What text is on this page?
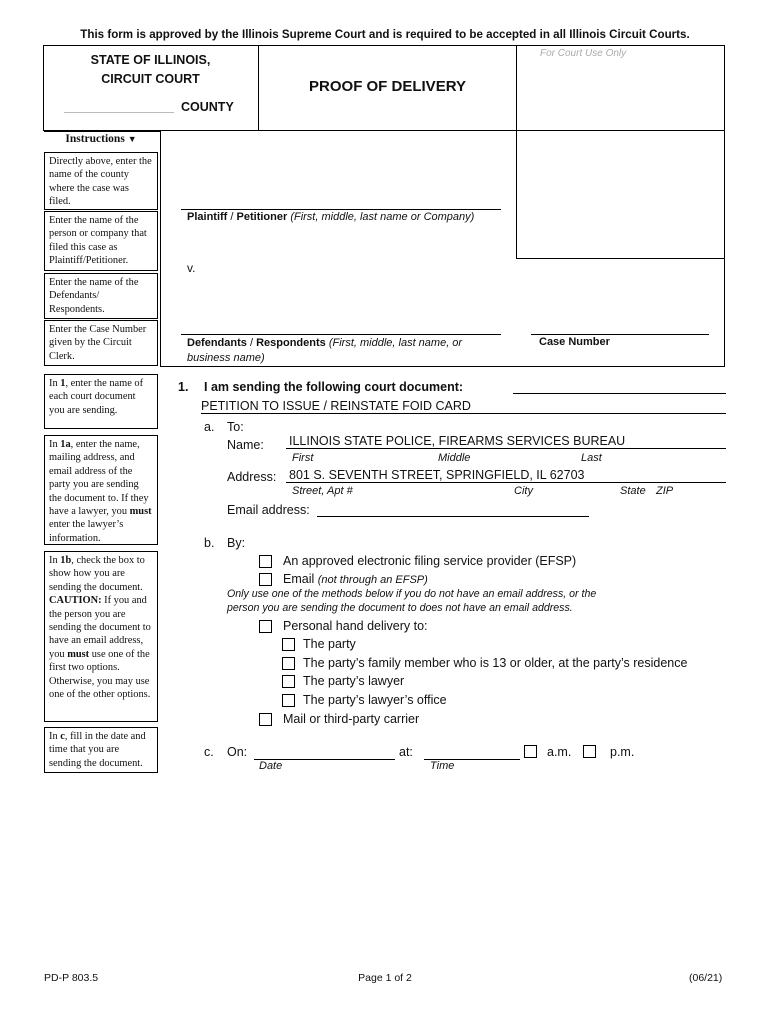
This form is approved by the Illinois Supreme Court and is required to be accepted in all Illinois Circuit Courts.
STATE OF ILLINOIS,
CIRCUIT COURT
COUNTY
PROOF OF DELIVERY
For Court Use Only
Instructions ▼
Directly above, enter the name of the county where the case was filed.
Enter the name of the person or company that filed this case as Plaintiff/Petitioner.
Enter the name of the Defendants/ Respondents.
Enter the Case Number given by the Circuit Clerk.
In 1, enter the name of each court document you are sending.
In 1a, enter the name, mailing address, and email address of the party you are sending the document to. If they have a lawyer, you must enter the lawyer’s information.
In 1b, check the box to show how you are sending the document.
CAUTION: If you and the person you are sending the document to have an email address, you must use one of the first two options. Otherwise, you may use one of the other options.
In c, fill in the date and time that you are sending the document.
Plaintiff / Petitioner (First, middle, last name or Company)
v.
Defendants / Respondents (First, middle, last name, or business name)
Case Number
1. I am sending the following court document:
PETITION TO ISSUE / REINSTATE FOID CARD
a. To:
Name: ILLINOIS STATE POLICE, FIREARMS SERVICES BUREAU
First	Middle	Last
Address: 801 S. SEVENTH STREET, SPRINGFIELD, IL 62703
Street, Apt #	City	State ZIP
Email address:
b. By:
An approved electronic filing service provider (EFSP)
Email (not through an EFSP)
Only use one of the methods below if you do not have an email address, or the
person you are sending the document to does not have an email address.
Personal hand delivery to:
The party
The party’s family member who is 13 or older, at the party’s residence
The party’s lawyer
The party’s lawyer’s office
Mail or third-party carrier
c. On:
Date
at:
Time
a.m.	p.m.
PD-P 803.5	Page 1 of 2	(06/21)
